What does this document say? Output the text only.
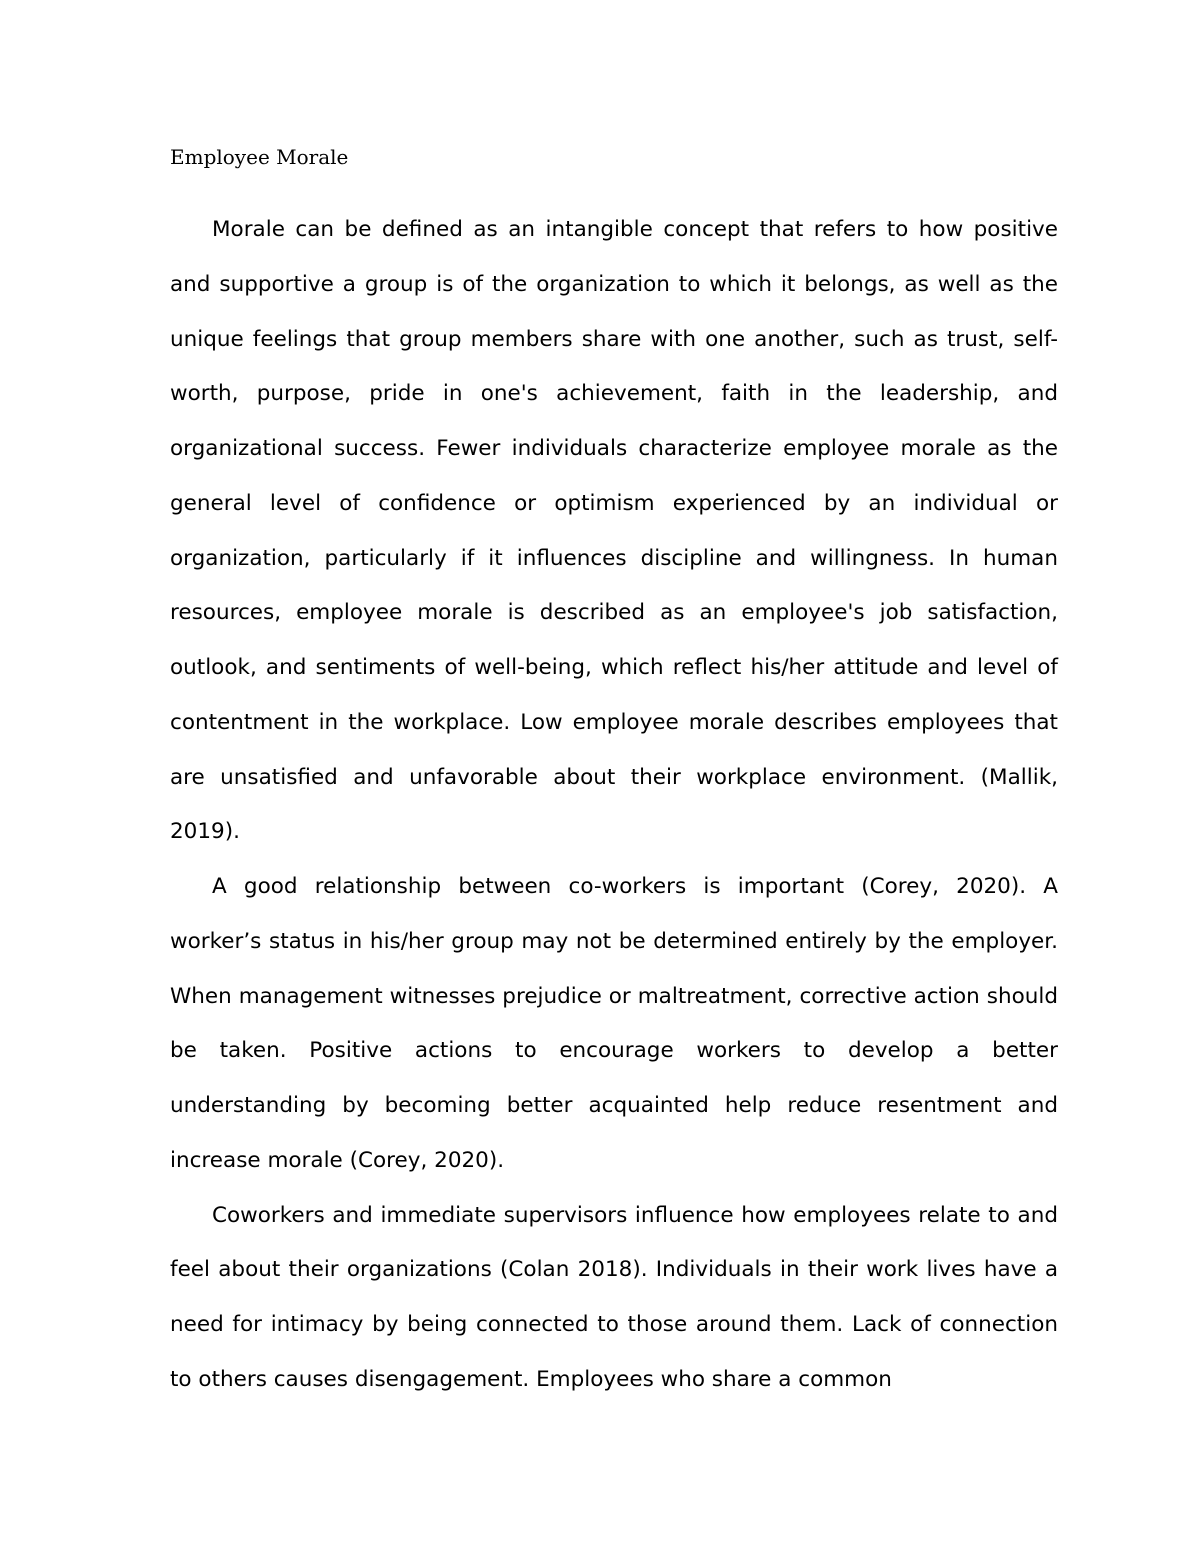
Employee Morale

Morale can be defined as an intangible concept that refers to how positive and supportive a group is of the organization to which it belongs, as well as the unique feelings that group members share with one another, such as trust, self-worth, purpose, pride in one's achievement, faith in the leadership, and organizational success. Fewer individuals characterize employee morale as the general level of confidence or optimism experienced by an individual or organization, particularly if it influences discipline and willingness. In human resources, employee morale is described as an employee's job satisfaction, outlook, and sentiments of well-being, which reflect his/her attitude and level of contentment in the workplace. Low employee morale describes employees that are unsatisfied and unfavorable about their workplace environment. (Mallik, 2019).

A good relationship between co-workers is important (Corey, 2020). A worker’s status in his/her group may not be determined entirely by the employer. When management witnesses prejudice or maltreatment, corrective action should be taken. Positive actions to encourage workers to develop a better understanding by becoming better acquainted help reduce resentment and increase morale (Corey, 2020).

Coworkers and immediate supervisors influence how employees relate to and feel about their organizations (Colan 2018). Individuals in their work lives have a need for intimacy by being connected to those around them. Lack of connection to others causes disengagement. Employees who share a common
